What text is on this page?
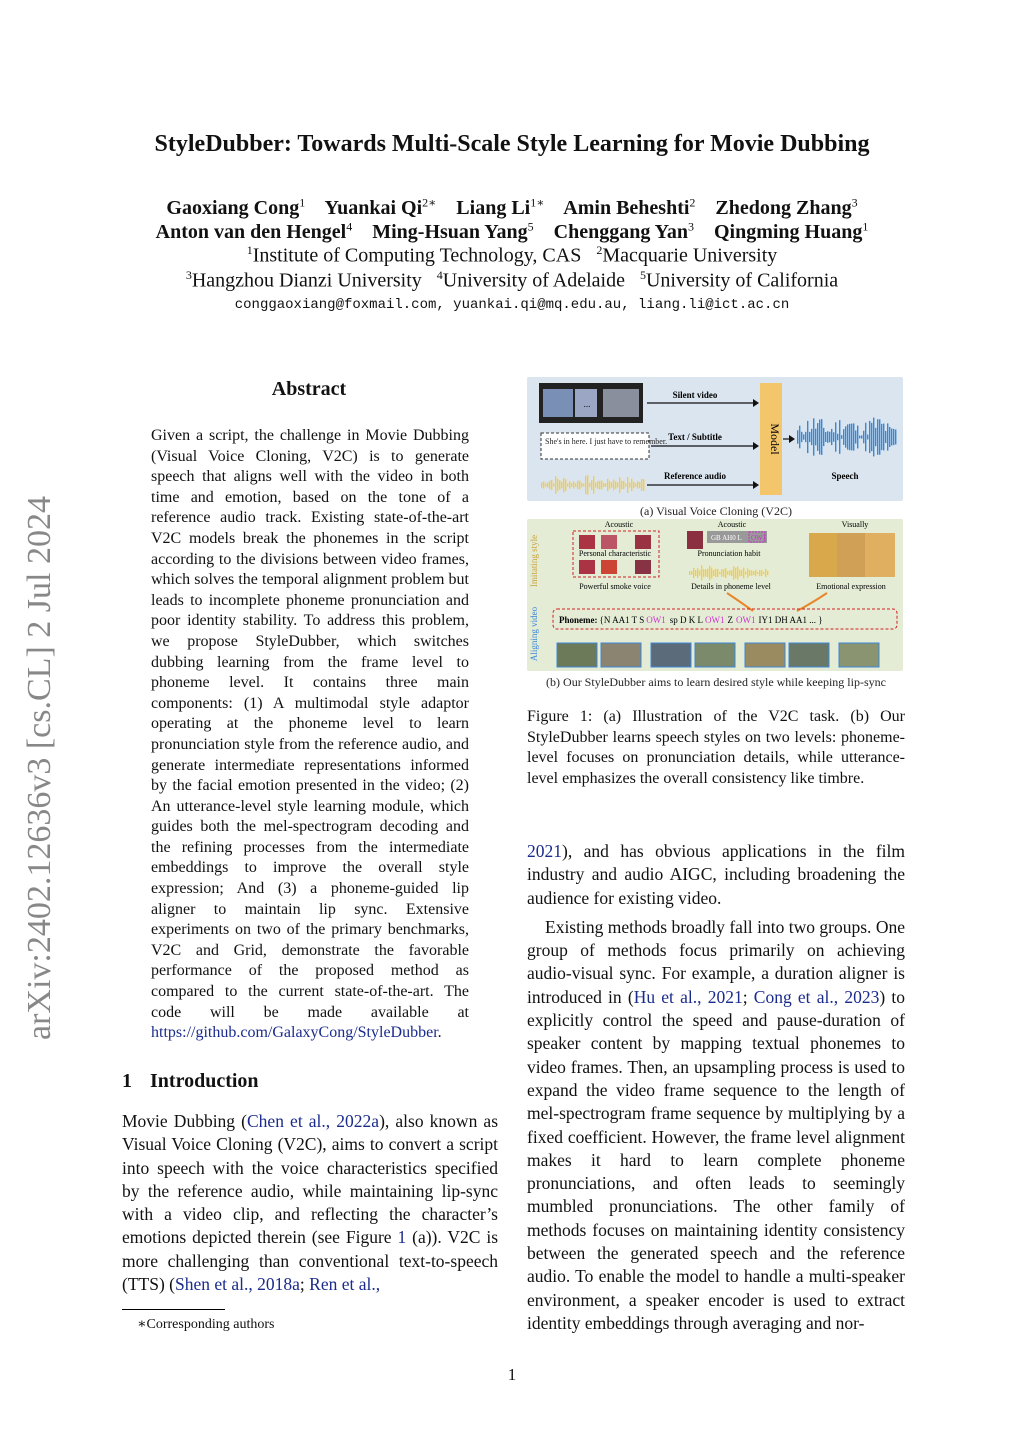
StyleDubber: Towards Multi-Scale Style Learning for Movie Dubbing
Gaoxiang Cong$^1$ Yuankai $Qi^{2∗}$ Liang $Li^{1∗}$ Amin Beheshti$^2$ Zhedong Zhang$^3$
Anton van den Hengel$^4$ Ming-Hsuan Yang$^5$ Chenggang Yan$^3$ Qingming Huang$^1$
$^1$Institute of Computing Technology, CAS $^2$Macquarie University
$^3$Hangzhou Dianzi University $^4$University of Adelaide $^5$University of California
conggaoxiang@foxmail.com, yuankai.qi@mq.edu.au, liang.li@ict.ac.cn
arXiv:2402.12636v3 [cs.CL] 2 Jul 2024
Abstract
Given a script, the challenge in Movie Dubbing (Visual Voice Cloning, V2C) is to generate speech that aligns well with the video in both time and emotion, based on the tone of a reference audio track. Existing state-of-the-art V2C models break the phonemes in the script according to the divisions between video frames, which solves the temporal alignment problem but leads to incomplete phoneme pronunciation and poor identity stability. To address this problem, we propose StyleDubber, which switches dubbing learning from the frame level to phoneme level. It contains three main components: (1) A multimodal style adaptor operating at the phoneme level to learn pronunciation style from the reference audio, and generate intermediate representations informed by the facial emotion presented in the video; (2) An utterance-level style learning module, which guides both the mel-spectrogram decoding and the refining processes from the intermediate embeddings to improve the overall style expression; And (3) a phoneme-guided lip aligner to maintain lip sync. Extensive experiments on two of the primary benchmarks, V2C and Grid, demonstrate the favorable performance of the proposed method as compared to the current state-of-the-art. The code will be made available at https://github.com/GalaxyCong/StyleDubber.
1 Introduction
Movie Dubbing (Chen et al., 2022a), also known as Visual Voice Cloning (V2C), aims to convert a script into speech with the voice characteristics specified by the reference audio, while maintaining lip-sync with a video clip, and reflecting the character’s emotions depicted therein (see Figure 1 (a)). V2C is more challenging than conventional text-to-speech (TTS) (Shen et al., 2018a; Ren et al.,
∗Corresponding authors
...
She's in here. I just have to remember.
Silent video
Text / Subtitle
Reference audio
Model
Speech
(a) Visual Voice Cloning (V2C)
Imitating style
Aligning video
Acoustic
Personal characteristic
Powerful smoke voice
Acoustic
GB AH0 L OW1
Pronunciation habit
Details in phoneme level
Visually
Emotional expression
Phoneme: {N AA1 T S OW1 sp D K L OW1 Z OW1 IY1 DH AA1 ... }
(b) Our StyleDubber aims to learn desired style while keeping lip-sync
Figure 1: (a) Illustration of the V2C task. (b) Our StyleDubber learns speech styles on two levels: phoneme-level focuses on pronunciation details, while utterance-level emphasizes the overall consistency like timbre.
2021), and has obvious applications in the film industry and audio AIGC, including broadening the audience for existing video.
Existing methods broadly fall into two groups. One group of methods focus primarily on achieving audio-visual sync. For example, a duration aligner is introduced in (Hu et al., 2021; Cong et al., 2023) to explicitly control the speed and pause-duration of speaker content by mapping textual phonemes to video frames. Then, an upsampling process is used to expand the video frame sequence to the length of mel-spectrogram frame sequence by multiplying by a fixed coefficient. However, the frame level alignment makes it hard to learn complete phoneme pronunciations, and often leads to seemingly mumbled pronunciations. The other family of methods focuses on maintaining identity consistency between the generated speech and the reference audio. To enable the model to handle a multi-speaker environment, a speaker encoder is used to extract identity embeddings through averaging and nor-
1
